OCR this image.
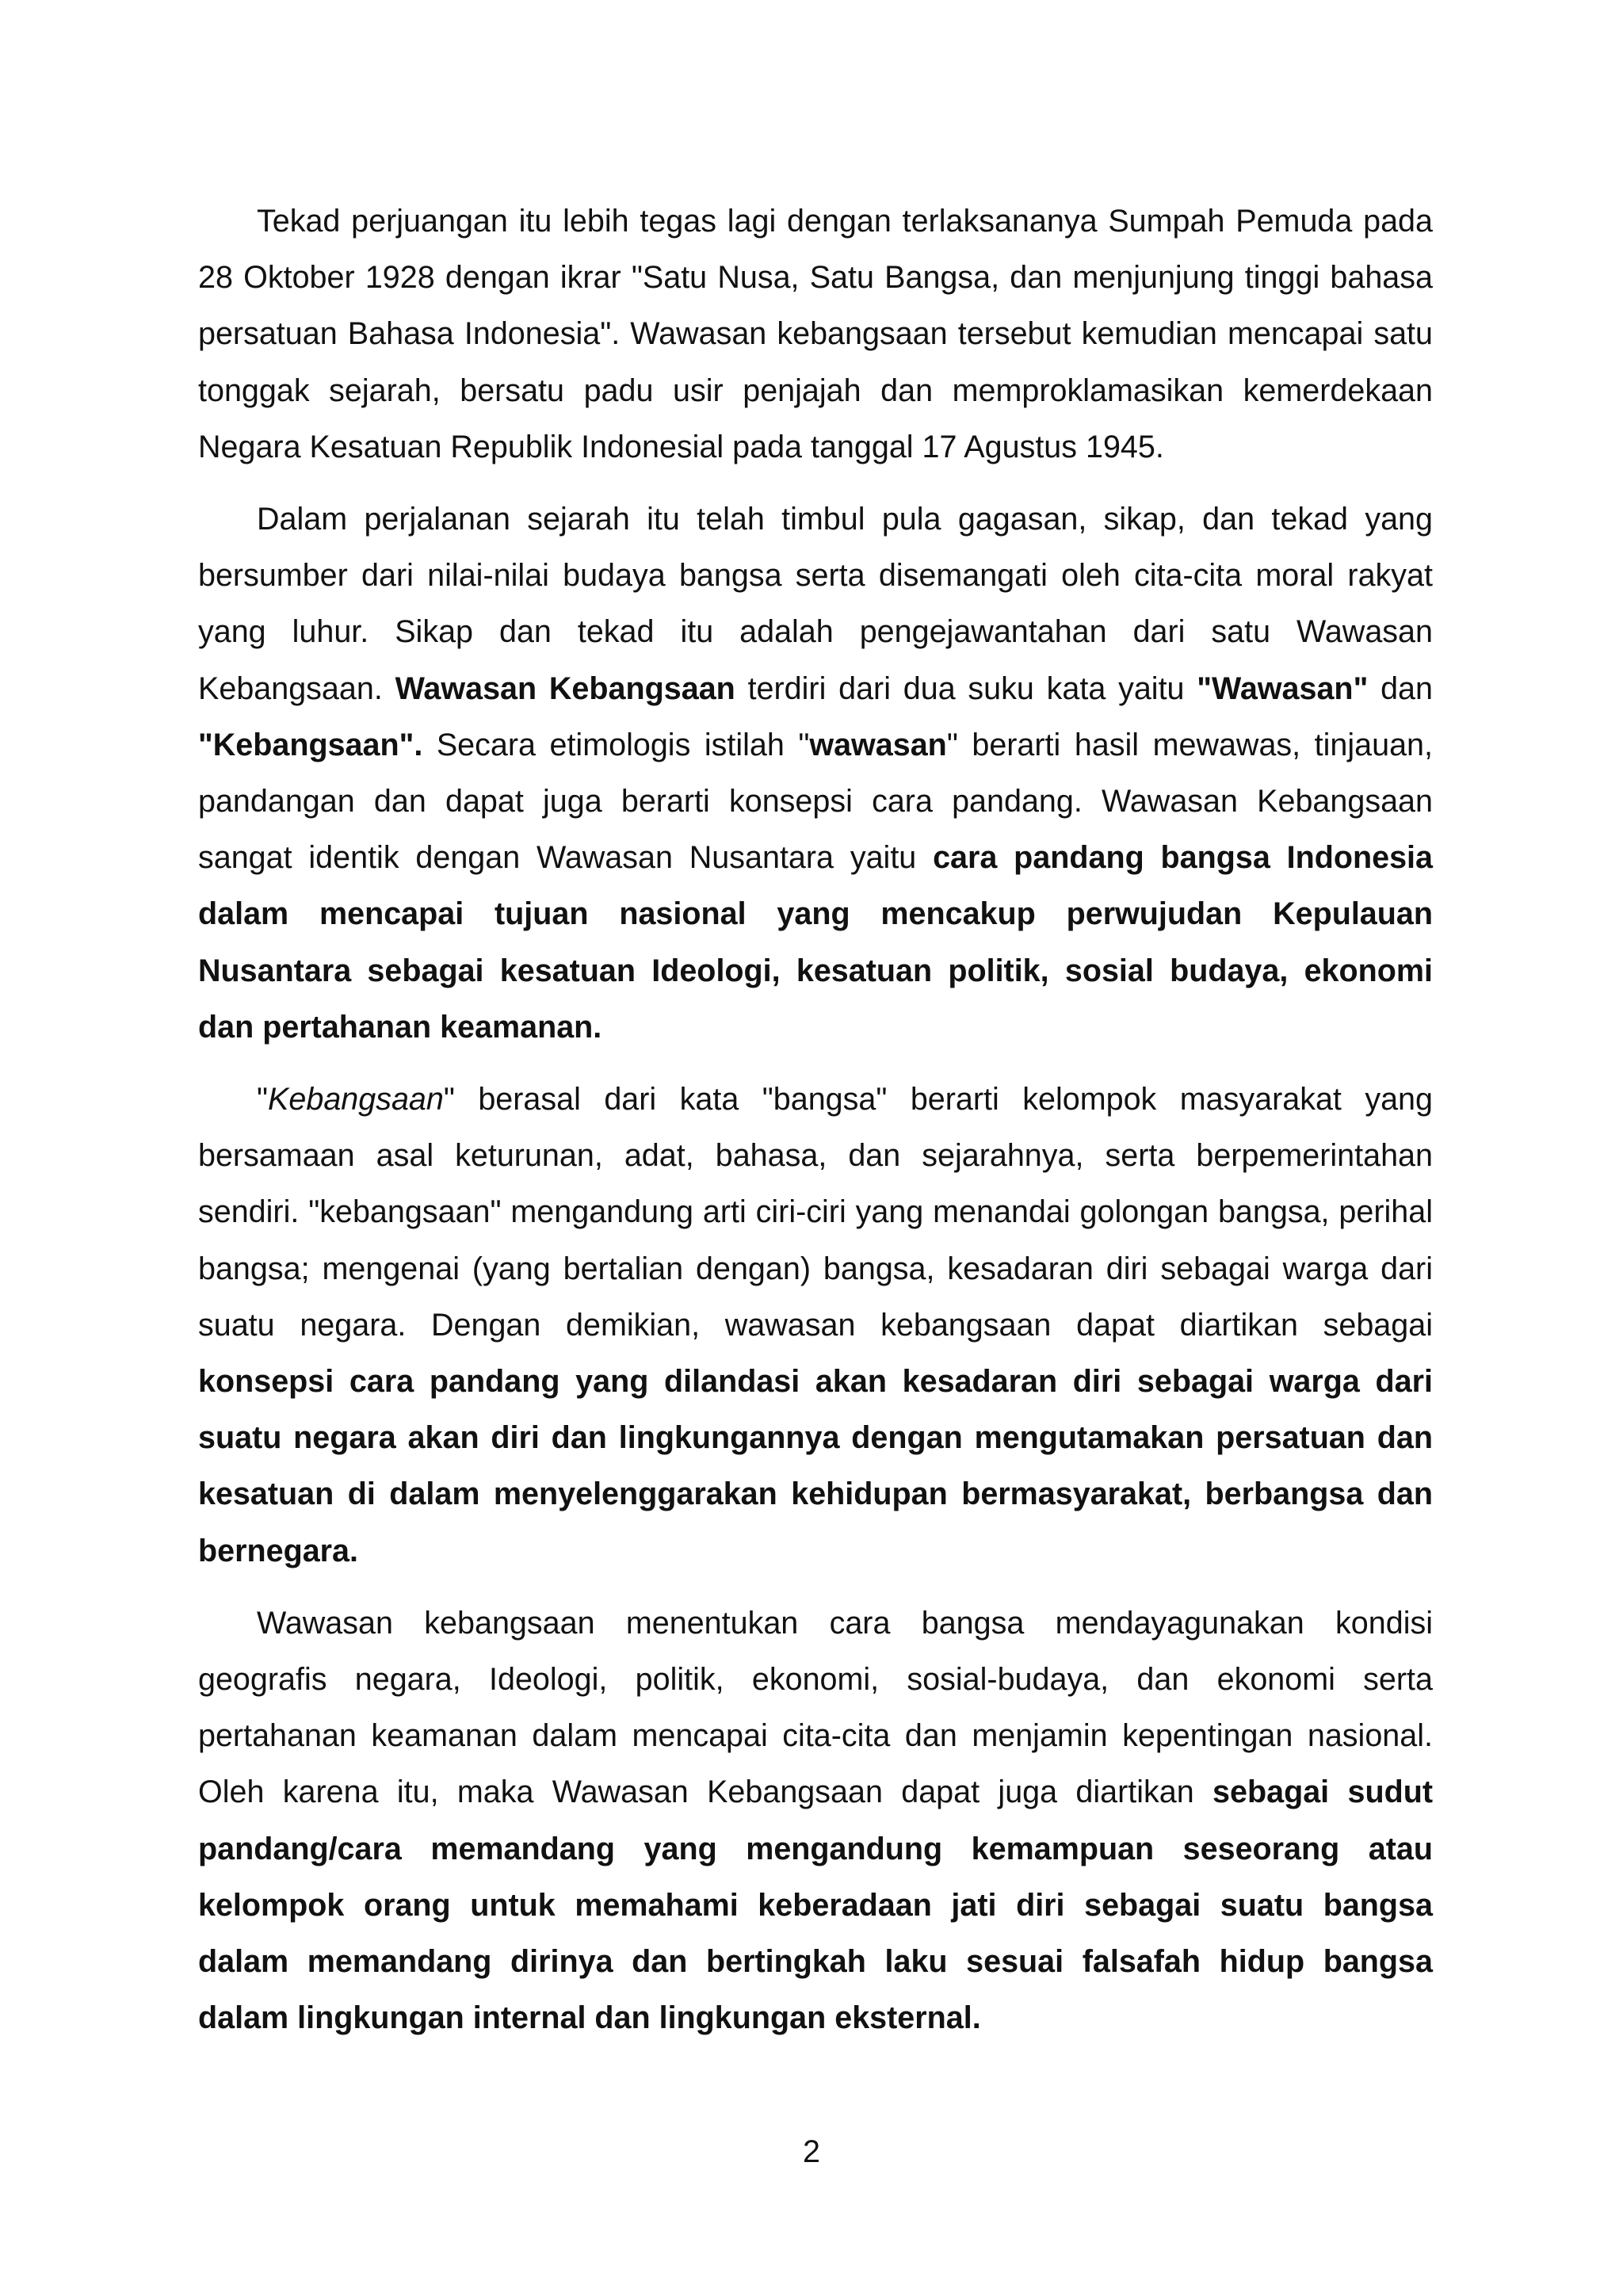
Tekad perjuangan itu lebih tegas lagi dengan terlaksananya Sumpah Pemuda pada 28 Oktober 1928 dengan ikrar "Satu Nusa, Satu Bangsa, dan menjunjung tinggi bahasa persatuan Bahasa Indonesia". Wawasan kebangsaan tersebut kemudian mencapai satu tonggak sejarah, bersatu padu usir penjajah dan memproklamasikan kemerdekaan Negara Kesatuan Republik Indonesial pada tanggal 17 Agustus 1945.

Dalam perjalanan sejarah itu telah timbul pula gagasan, sikap, dan tekad yang bersumber dari nilai-nilai budaya bangsa serta disemangati oleh cita-cita moral rakyat yang luhur. Sikap dan tekad itu adalah pengejawantahan dari satu Wawasan Kebangsaan. Wawasan Kebangsaan terdiri dari dua suku kata yaitu "Wawasan" dan "Kebangsaan". Secara etimologis istilah "wawasan" berarti hasil mewawas, tinjauan, pandangan dan dapat juga berarti konsepsi cara pandang. Wawasan Kebangsaan sangat identik dengan Wawasan Nusantara yaitu cara pandang bangsa Indonesia dalam mencapai tujuan nasional yang mencakup perwujudan Kepulauan Nusantara sebagai kesatuan Ideologi, kesatuan politik, sosial budaya, ekonomi dan pertahanan keamanan.

"Kebangsaan" berasal dari kata "bangsa" berarti kelompok masyarakat yang bersamaan asal keturunan, adat, bahasa, dan sejarahnya, serta berpemerintahan sendiri. "kebangsaan" mengandung arti ciri-ciri yang menandai golongan bangsa, perihal bangsa; mengenai (yang bertalian dengan) bangsa, kesadaran diri sebagai warga dari suatu negara. Dengan demikian, wawasan kebangsaan dapat diartikan sebagai konsepsi cara pandang yang dilandasi akan kesadaran diri sebagai warga dari suatu negara akan diri dan lingkungannya dengan mengutamakan persatuan dan kesatuan di dalam menyelenggarakan kehidupan bermasyarakat, berbangsa dan bernegara.

Wawasan kebangsaan menentukan cara bangsa mendayagunakan kondisi geografis negara, Ideologi, politik, ekonomi, sosial-budaya, dan ekonomi serta pertahanan keamanan dalam mencapai cita-cita dan menjamin kepentingan nasional. Oleh karena itu, maka Wawasan Kebangsaan dapat juga diartikan sebagai sudut pandang/cara memandang yang mengandung kemampuan seseorang atau kelompok orang untuk memahami keberadaan jati diri sebagai suatu bangsa dalam memandang dirinya dan bertingkah laku sesuai falsafah hidup bangsa dalam lingkungan internal dan lingkungan eksternal.

2
